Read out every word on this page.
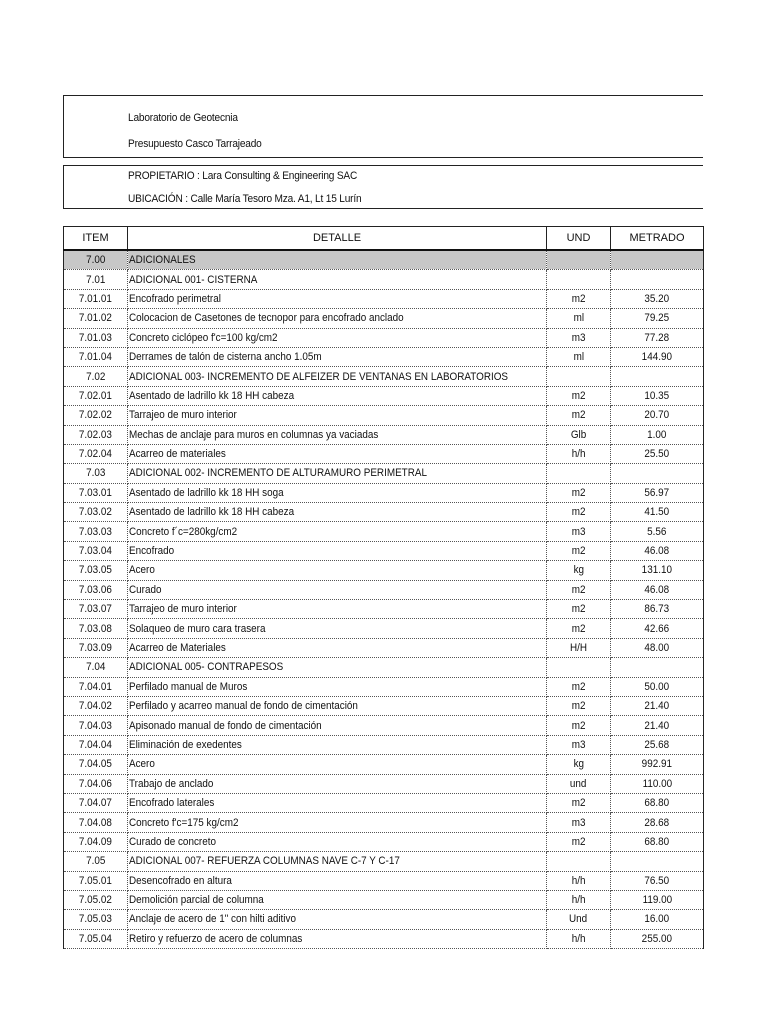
Laboratorio de Geotecnia
Presupuesto Casco Tarrajeado
PROPIETARIO : Lara Consulting & Engineering SAC
UBICACIÓN : Calle María Tesoro Mza. A1, Lt 15 Lurín
ITEM	DETALLE	UND	METRADO
7.00	ADICIONALES		
7.01	ADICIONAL 001- CISTERNA		
7.01.01	Encofrado perimetral	m2	35.20
7.01.02	Colocacion de Casetones de tecnopor para encofrado anclado	ml	79.25
7.01.03	Concreto ciclópeo f'c=100 kg/cm2	m3	77.28
7.01.04	Derrames de talón de cisterna ancho 1.05m	ml	144.90
7.02	ADICIONAL 003- INCREMENTO DE ALFEIZER DE VENTANAS EN LABORATORIOS		
7.02.01	Asentado de ladrillo kk 18 HH cabeza	m2	10.35
7.02.02	Tarrajeo de muro interior	m2	20.70
7.02.03	Mechas de anclaje para muros en columnas ya vaciadas	Glb	1.00
7.02.04	Acarreo de materiales	h/h	25.50
7.03	ADICIONAL 002- INCREMENTO DE ALTURAMURO PERIMETRAL		
7.03.01	Asentado de ladrillo kk 18 HH soga	m2	56.97
7.03.02	Asentado de ladrillo kk 18 HH cabeza	m2	41.50
7.03.03	Concreto f´c=280kg/cm2	m3	5.56
7.03.04	Encofrado	m2	46.08
7.03.05	Acero	kg	131.10
7.03.06	Curado	m2	46.08
7.03.07	Tarrajeo de muro interior	m2	86.73
7.03.08	Solaqueo de muro cara trasera	m2	42.66
7.03.09	Acarreo de Materiales	H/H	48.00
7.04	ADICIONAL 005- CONTRAPESOS		
7.04.01	Perfilado manual de Muros	m2	50.00
7.04.02	Perfilado y acarreo manual de fondo de cimentación	m2	21.40
7.04.03	Apisonado manual de fondo de cimentación	m2	21.40
7.04.04	Eliminación de exedentes	m3	25.68
7.04.05	Acero	kg	992.91
7.04.06	Trabajo de anclado	und	110.00
7.04.07	Encofrado laterales	m2	68.80
7.04.08	Concreto f'c=175 kg/cm2	m3	28.68
7.04.09	Curado de concreto	m2	68.80
7.05	ADICIONAL 007- REFUERZA COLUMNAS NAVE C-7 Y C-17		
7.05.01	Desencofrado en altura	h/h	76.50
7.05.02	Demolición parcial de columna	h/h	119.00
7.05.03	Anclaje de acero de 1" con hilti aditivo	Und	16.00
7.05.04	Retiro y refuerzo de acero de columnas	h/h	255.00
